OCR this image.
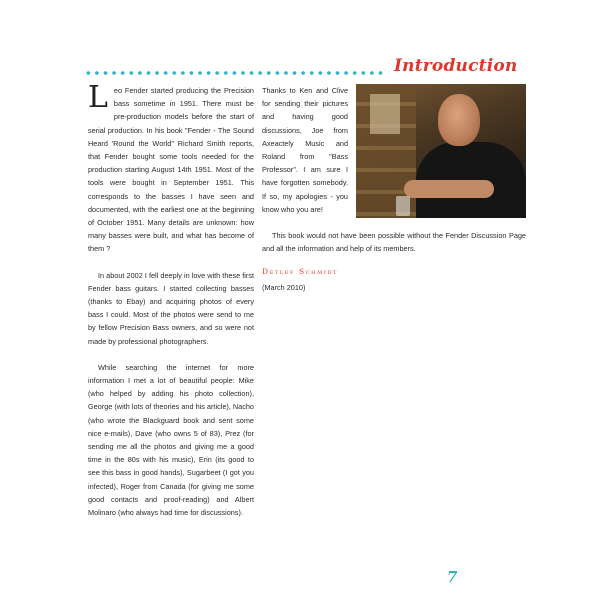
Introduction

Leo Fender started producing the Precision bass sometime in 1951. There must be pre-production models before the start of serial production. In his book "Fender - The Sound Heard 'Round the World" Richard Smith reports, that Fender bought some tools needed for the production starting August 14th 1951. Most of the tools were bought in September 1951. This corresponds to the basses I have seen and documented, with the earliest one at the beginning of October 1951. Many details are unknown: how many basses were built, and what has become of them ?

In about 2002 I fell deeply in love with these first Fender bass guitars. I started collecting basses (thanks to Ebay) and acquiring photos of every bass I could. Most of the photos were send to me by fellow Precision Bass owners, and so were not made by professional photographers.

While searching the internet for more information I met a lot of beautiful people: Mike (who helped by adding his photo collection), George (with lots of theories and his article), Nacho (who wrote the Blackguard book and sent some nice e-mails), Dave (who owns 5 of 83), Prez (for sending me all the photos and giving me a good time in the 80s with his music), Erin (its good to see this bass in good hands), Sugarbeet (I got you infected), Roger from Canada (for giving me some good contacts and proof-reading) and Albert Molinaro (who always had time for discussions).

Thanks to Ken and Clive for sending their pictures and having good discussions, Joe from Axeactely Music and Roland from "Bass Professor". I am sure I have forgotten somebody. If so, my apologies - you know who you are!

This book would not have been possible without the Fender Discussion Page and all the information and help of its members.

Detlef Schmidt
(March 2010)
7
